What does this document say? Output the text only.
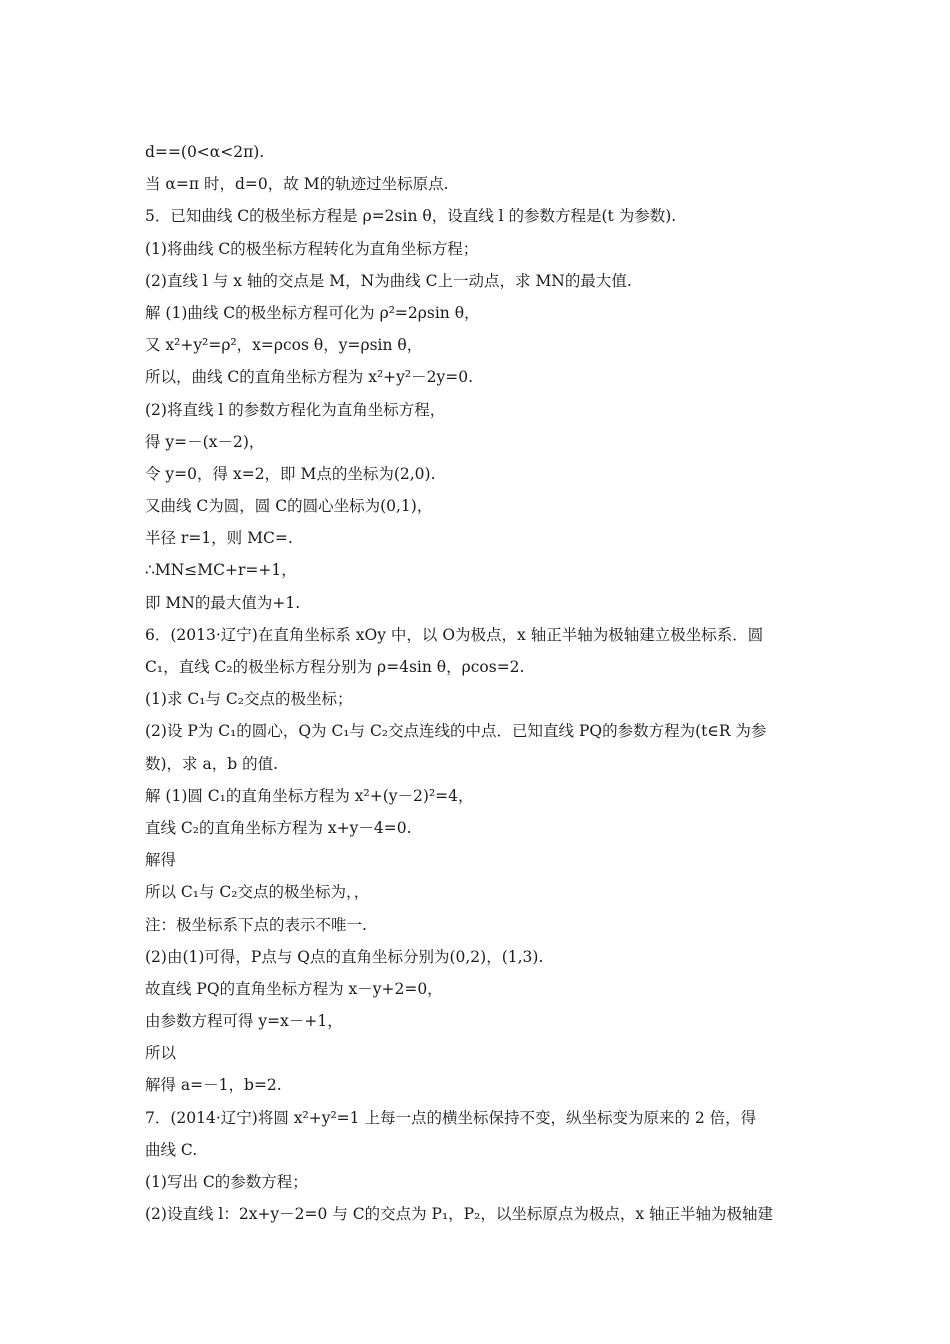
d==(0<α<2π).
当 α=π 时，d=0，故 M的轨迹过坐标原点.
5．已知曲线 C的极坐标方程是 ρ=2sin θ，设直线 l 的参数方程是(t 为参数).
(1)将曲线 C的极坐标方程转化为直角坐标方程；
(2)直线 l 与 x 轴的交点是 M，N为曲线 C上一动点，求 MN的最大值.
解 (1)曲线 C的极坐标方程可化为 ρ²=2ρsin θ，
又 x²+y²=ρ²，x=ρcos θ，y=ρsin θ，
所以，曲线 C的直角坐标方程为 x²+y²－2y=0.
(2)将直线 l 的参数方程化为直角坐标方程，
得 y=－(x－2)，
令 y=0，得 x=2，即 M点的坐标为(2,0).
又曲线 C为圆，圆 C的圆心坐标为(0,1)，
半径 r=1，则 MC=.
∴MN≤MC+r=+1，
即 MN的最大值为+1.
6．(2013·辽宁)在直角坐标系 xOy 中，以 O为极点，x 轴正半轴为极轴建立极坐标系．圆
C₁，直线 C₂的极坐标方程分别为 ρ=4sin θ，ρcos=2.
(1)求 C₁与 C₂交点的极坐标；
(2)设 P为 C₁的圆心，Q为 C₁与 C₂交点连线的中点．已知直线 PQ的参数方程为(t∈R 为参
数)，求 a，b 的值.
解 (1)圆 C₁的直角坐标方程为 x²+(y－2)²=4，
直线 C₂的直角坐标方程为 x+y－4=0.
解得
所以 C₁与 C₂交点的极坐标为，，
注：极坐标系下点的表示不唯一.
(2)由(1)可得，P点与 Q点的直角坐标分别为(0,2)，(1,3).
故直线 PQ的直角坐标方程为 x－y+2=0，
由参数方程可得 y=x－+1，
所以
解得 a=－1，b=2.
7．(2014·辽宁)将圆 x²+y²=1 上每一点的横坐标保持不变，纵坐标变为原来的 2 倍，得
曲线 C.
(1)写出 C的参数方程；
(2)设直线 l：2x+y－2=0 与 C的交点为 P₁，P₂，以坐标原点为极点，x 轴正半轴为极轴建
